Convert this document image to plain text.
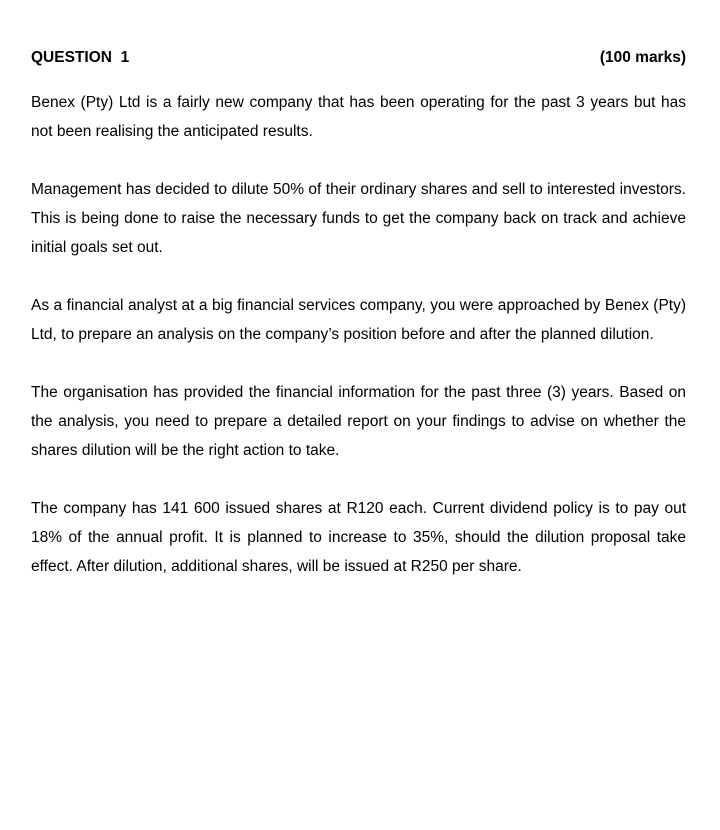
QUESTION  1	(100 marks)

Benex (Pty) Ltd is a fairly new company that has been operating for the past 3 years but has not been realising the anticipated results.

Management has decided to dilute 50% of their ordinary shares and sell to interested investors. This is being done to raise the necessary funds to get the company back on track and achieve initial goals set out.

As a financial analyst at a big financial services company, you were approached by Benex (Pty) Ltd, to prepare an analysis on the company’s position before and after the planned dilution.

The organisation has provided the financial information for the past three (3) years. Based on the analysis, you need to prepare a detailed report on your findings to advise on whether the shares dilution will be the right action to take.

The company has 141 600 issued shares at R120 each. Current dividend policy is to pay out 18% of the annual profit. It is planned to increase to 35%, should the dilution proposal take effect. After dilution, additional shares, will be issued at R250 per share.
